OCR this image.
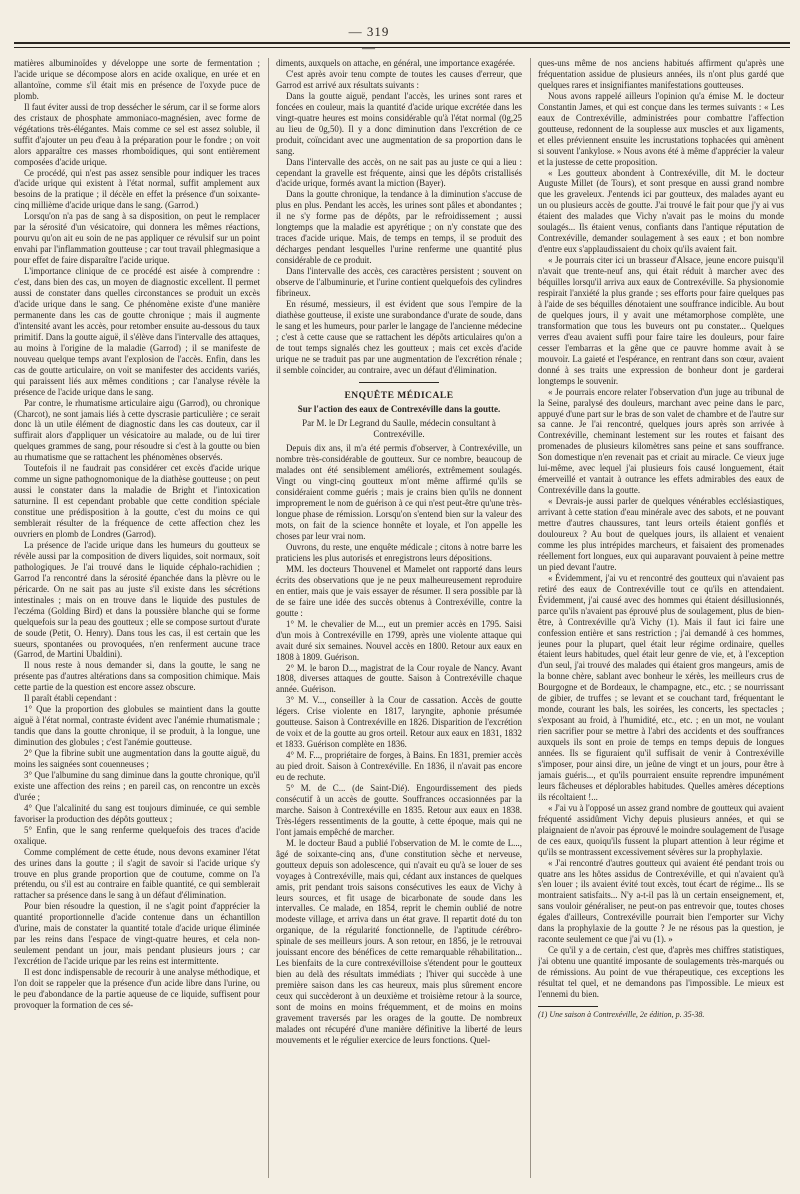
— 319 —

matières albuminoïdes y développe une sorte de fermentation ; l'acide urique se décompose alors en acide oxalique, en urée et en allantoïne, comme s'il était mis en présence de l'oxyde puce de plomb.

Il faut éviter aussi de trop dessécher le sérum, car il se forme alors des cristaux de phosphate ammoniaco-magnésien, avec forme de végétations très-élégantes. Mais comme ce sel est assez soluble, il suffit d'ajouter un peu d'eau à la préparation pour le fondre ; on voit alors apparaître ces masses rhomboïdiques, qui sont entièrement composées d'acide urique.

Ce procédé, qui n'est pas assez sensible pour indiquer les traces d'acide urique qui existent à l'état normal, suffit amplement aux besoins de la pratique ; il décèle en effet la présence d'un soixante-cinq millième d'acide urique dans le sang. (Garrod.)

Lorsqu'on n'a pas de sang à sa disposition, on peut le remplacer par la sérosité d'un vésicatoire, qui donnera les mêmes réactions, pourvu qu'on ait eu soin de ne pas appliquer ce révulsif sur un point envahi par l'inflammation goutteuse ; car tout travail phlegmasique a pour effet de faire disparaître l'acide urique.

L'importance clinique de ce procédé est aisée à comprendre : c'est, dans bien des cas, un moyen de diagnostic excellent. Il permet aussi de constater dans quelles circonstances se produit un excès d'acide urique dans le sang. Ce phénomène existe d'une manière permanente dans les cas de goutte chronique ; mais il augmente d'intensité avant les accès, pour retomber ensuite au-dessous du taux primitif. Dans la goutte aiguë, il s'élève dans l'intervalle des attaques, au moins à l'origine de la maladie (Garrod) ; il se manifeste de nouveau quelque temps avant l'explosion de l'accès. Enfin, dans les cas de goutte articulaire, on voit se manifester des accidents variés, qui paraissent liés aux mêmes conditions ; car l'analyse révèle la présence de l'acide urique dans le sang.

Par contre, le rhumatisme articulaire aigu (Garrod), ou chronique (Charcot), ne sont jamais liés à cette dyscrasie particulière ; ce serait donc là un utile élément de diagnostic dans les cas douteux, car il suffirait alors d'appliquer un vésicatoire au malade, ou de lui tirer quelques grammes de sang, pour résoudre si c'est à la goutte ou bien au rhumatisme que se rattachent les phénomènes observés.

Toutefois il ne faudrait pas considérer cet excès d'acide urique comme un signe pathognomonique de la diathèse goutteuse ; on peut aussi le constater dans la maladie de Bright et l'intoxication saturnine. Il est cependant probable que cette condition spéciale constitue une prédisposition à la goutte, c'est du moins ce qui semblerait résulter de la fréquence de cette affection chez les ouvriers en plomb de Londres (Garrod).

La présence de l'acide urique dans les humeurs du goutteux se révèle aussi par la composition de divers liquides, soit normaux, soit pathologiques. Je l'ai trouvé dans le liquide céphalo-rachidien ; Garrod l'a rencontré dans la sérosité épanchée dans la plèvre ou le péricarde. On ne sait pas au juste s'il existe dans les sécrétions intestinales ; mais on en trouve dans le liquide des pustules de l'eczéma (Golding Bird) et dans la poussière blanche qui se forme quelquefois sur la peau des goutteux ; elle se compose surtout d'urate de soude (Petit, O. Henry). Dans tous les cas, il est certain que les sueurs, spontanées ou provoquées, n'en renferment aucune trace (Garrod, de Martini Ubaldini).

Il nous reste à nous demander si, dans la goutte, le sang ne présente pas d'autres altérations dans sa composition chimique. Mais cette partie de la question est encore assez obscure.

Il paraît établi cependant :

1° Que la proportion des globules se maintient dans la goutte aiguë à l'état normal, contraste évident avec l'anémie rhumatismale ; tandis que dans la goutte chronique, il se produit, à la longue, une diminution des globules ; c'est l'anémie goutteuse.

2° Que la fibrine subit une augmentation dans la goutte aiguë, du moins les saignées sont couenneuses ;

3° Que l'albumine du sang diminue dans la goutte chronique, qu'il existe une affection des reins ; en pareil cas, on rencontre un excès d'urée ;

4° Que l'alcalinité du sang est toujours diminuée, ce qui semble favoriser la production des dépôts goutteux ;

5° Enfin, que le sang renferme quelquefois des traces d'acide oxalique.

Comme complément de cette étude, nous devons examiner l'état des urines dans la goutte ; il s'agit de savoir si l'acide urique s'y trouve en plus grande proportion que de coutume, comme on l'a prétendu, ou s'il est au contraire en faible quantité, ce qui semblerait rattacher sa présence dans le sang à un défaut d'élimination.

Pour bien résoudre la question, il ne s'agit point d'apprécier la quantité proportionnelle d'acide contenue dans un échantillon d'urine, mais de constater la quantité totale d'acide urique éliminée par les reins dans l'espace de vingt-quatre heures, et cela non-seulement pendant un jour, mais pendant plusieurs jours ; car l'excrétion de l'acide urique par les reins est intermittente.

Il est donc indispensable de recourir à une analyse méthodique, et l'on doit se rappeler que la présence d'un acide libre dans l'urine, ou le peu d'abondance de la partie aqueuse de ce liquide, suffisent pour provoquer la formation de ces sé-

diments, auxquels on attache, en général, une importance exagérée.

C'est après avoir tenu compte de toutes les causes d'erreur, que Garrod est arrivé aux résultats suivants :

Dans la goutte aiguë, pendant l'accès, les urines sont rares et foncées en couleur, mais la quantité d'acide urique excrétée dans les vingt-quatre heures est moins considérable qu'à l'état normal (0g,25 au lieu de 0g,50). Il y a donc diminution dans l'excrétion de ce produit, coïncidant avec une augmentation de sa proportion dans le sang.

Dans l'intervalle des accès, on ne sait pas au juste ce qui a lieu : cependant la gravelle est fréquente, ainsi que les dépôts cristallisés d'acide urique, formés avant la miction (Bayer).

Dans la goutte chronique, la tendance à la diminution s'accuse de plus en plus. Pendant les accès, les urines sont pâles et abondantes ; il ne s'y forme pas de dépôts, par le refroidissement ; aussi longtemps que la maladie est apyrétique ; on n'y constate que des traces d'acide urique. Mais, de temps en temps, il se produit des décharges pendant lesquelles l'urine renferme une quantité plus considérable de ce produit.

Dans l'intervalle des accès, ces caractères persistent ; souvent on observe de l'albuminurie, et l'urine contient quelquefois des cylindres fibrineux.

En résumé, messieurs, il est évident que sous l'empire de la diathèse goutteuse, il existe une surabondance d'urate de soude, dans le sang et les humeurs, pour parler le langage de l'ancienne médecine ; c'est à cette cause que se rattachent les dépôts articulaires qu'on a de tout temps signalés chez les goutteux ; mais cet excès d'acide urique ne se traduit pas par une augmentation de l'excrétion rénale ; il semble coïncider, au contraire, avec un défaut d'élimination.

ENQUÊTE MÉDICALE
Sur l'action des eaux de Contrexéville dans la goutte.
Par M. le Dr Legrand du Saulle, médecin consultant à Contrexéville.

Depuis dix ans, il m'a été permis d'observer, à Contrexéville, un nombre très-considérable de goutteux. Sur ce nombre, beaucoup de malades ont été sensiblement améliorés, extrêmement soulagés. Vingt ou vingt-cinq goutteux m'ont même affirmé qu'ils se considéraient comme guéris ; mais je crains bien qu'ils ne donnent improprement le nom de guérison à ce qui n'est peut-être qu'une très-longue phase de rémission. Lorsqu'on s'entend bien sur la valeur des mots, on fait de la science honnête et loyale, et l'on appelle les choses par leur vrai nom.

Ouvrons, du reste, une enquête médicale ; citons à notre barre les praticiens les plus autorisés et enregistrons leurs dépositions.

MM. les docteurs Thouvenel et Mamelet ont rapporté dans leurs écrits des observations que je ne peux malheureusement reproduire en entier, mais que je vais essayer de résumer. Il sera possible par là de se faire une idée des succès obtenus à Contrexéville, contre la goutte :

1° M. le chevalier de M..., eut un premier accès en 1795. Saisi d'un mois à Contrexéville en 1799, après une violente attaque qui avait duré six semaines. Nouvel accès en 1800. Retour aux eaux en 1808 à 1809. Guérison.

2° M. le baron D..., magistrat de la Cour royale de Nancy. Avant 1808, diverses attaques de goutte. Saison à Contrexéville chaque année. Guérison.

3° M. V..., conseiller à la Cour de cassation. Accès de goutte légers. Crise violente en 1817, laryngite, aphonie présumée goutteuse. Saison à Contrexéville en 1826. Disparition de l'excrétion de voix et de la goutte au gros orteil. Retour aux eaux en 1831, 1832 et 1833. Guérison complète en 1836.

4° M. F..., propriétaire de forges, à Bains. En 1831, premier accès au pied droit. Saison à Contrexéville. En 1836, il n'avait pas encore eu de rechute.

5° M. de C... (de Saint-Dié). Engourdissement des pieds consécutif à un accès de goutte. Souffrances occasionnées par la marche. Saison à Contrexéville en 1835. Retour aux eaux en 1838. Très-légers ressentiments de la goutte, à cette époque, mais qui ne l'ont jamais empêché de marcher.

M. le docteur Baud a publié l'observation de M. le comte de L..., âgé de soixante-cinq ans, d'une constitution sèche et nerveuse, goutteux depuis son adolescence, qui n'avait eu qu'à se louer de ses voyages à Contrexéville, mais qui, cédant aux instances de quelques amis, prit pendant trois saisons consécutives les eaux de Vichy à leurs sources, et fit usage de bicarbonate de soude dans les intervalles. Ce malade, en 1854, reprit le chemin oublié de notre modeste village, et arriva dans un état grave. Il repartit doté du ton organique, de la régularité fonctionnelle, de l'aptitude cérébro-spinale de ses meilleurs jours. A son retour, en 1856, je le retrouvai jouissant encore des bénéfices de cette remarquable réhabilitation... Les bienfaits de la cure contrexévilloise s'étendent pour le goutteux bien au delà des résultats immédiats ; l'hiver qui succède à une première saison dans les cas heureux, mais plus sûrement encore ceux qui succèderont à un deuxième et troisième retour à la source, sont de moins en moins fréquemment, et de moins en moins gravement traversés par les orages de la goutte. De nombreux malades ont récupéré d'une manière définitive la liberté de leurs mouvements et le régulier exercice de leurs fonctions. Quel-

ques-uns même de nos anciens habitués affirment qu'après une fréquentation assidue de plusieurs années, ils n'ont plus gardé que quelques rares et insignifiantes manifestations goutteuses.

Nous avons rappelé ailleurs l'opinion qu'a émise M. le docteur Constantin James, et qui est conçue dans les termes suivants : « Les eaux de Contrexéville, administrées pour combattre l'affection goutteuse, redonnent de la souplesse aux muscles et aux ligaments, et elles préviennent ensuite les incrustations tophacées qui amènent si souvent l'ankylose. » Nous avons été à même d'apprécier la valeur et la justesse de cette proposition.

« Les goutteux abondent à Contrexéville, dit M. le docteur Auguste Millet (de Tours), et sont presque en aussi grand nombre que les graveleux. J'entends ici par goutteux, des malades ayant eu un ou plusieurs accès de goutte. J'ai trouvé le fait pour que j'y ai vus étaient des malades que Vichy n'avait pas le moins du monde soulagés... Ils étaient venus, confiants dans l'antique réputation de Contrexéville, demander soulagement à ses eaux ; et bon nombre d'entre eux s'applaudissaient du choix qu'ils avaient fait.

« Je pourrais citer ici un brasseur d'Alsace, jeune encore puisqu'il n'avait que trente-neuf ans, qui était réduit à marcher avec des béquilles lorsqu'il arriva aux eaux de Contrexéville. Sa physionomie respirait l'anxiété la plus grande ; ses efforts pour faire quelques pas à l'aide de ses béquilles dénotaient une souffrance indicible. Au bout de quelques jours, il y avait une métamorphose complète, une transformation que tous les buveurs ont pu constater... Quelques verres d'eau avaient suffi pour faire taire les douleurs, pour faire cesser l'embarras et la gêne que ce pauvre homme avait à se mouvoir. La gaieté et l'espérance, en rentrant dans son cœur, avaient donné à ses traits une expression de bonheur dont je garderai longtemps le souvenir.

« Je pourrais encore relater l'observation d'un juge au tribunal de la Seine, paralysé des douleurs, marchant avec peine dans le parc, appuyé d'une part sur le bras de son valet de chambre et de l'autre sur sa canne. Je l'ai rencontré, quelques jours après son arrivée à Contrexéville, cheminant lestement sur les routes et faisant des promenades de plusieurs kilomètres sans peine et sans souffrance. Son domestique n'en revenait pas et criait au miracle. Ce vieux juge lui-même, avec lequel j'ai plusieurs fois causé longuement, était émerveillé et vantait à outrance les effets admirables des eaux de Contrexéville dans la goutte.

« Devrais-je aussi parler de quelques vénérables ecclésiastiques, arrivant à cette station d'eau minérale avec des sabots, et ne pouvant mettre d'autres chaussures, tant leurs orteils étaient gonflés et douloureux ? Au bout de quelques jours, ils allaient et venaient comme les plus intrépides marcheurs, et faisaient des promenades réellement fort longues, eux qui auparavant pouvaient à peine mettre un pied devant l'autre.

« Évidemment, j'ai vu et rencontré des goutteux qui n'avaient pas retiré des eaux de Contrexéville tout ce qu'ils en attendaient. Évidemment, j'ai causé avec des hommes qui étaient désillusionnés, parce qu'ils n'avaient pas éprouvé plus de soulagement, plus de bien-être, à Contrexéville qu'à Vichy (1). Mais il faut ici faire une confession entière et sans restriction ; j'ai demandé à ces hommes, jeunes pour la plupart, quel était leur régime ordinaire, quelles étaient leurs habitudes, quel était leur genre de vie, et, à l'exception d'un seul, j'ai trouvé des malades qui étaient gros mangeurs, amis de la bonne chère, sablant avec bonheur le xérès, les meilleurs crus de Bourgogne et de Bordeaux, le champagne, etc., etc. ; se nourrissant de gibier, de truffes ; se levant et se couchant tard, fréquentant le monde, courant les bals, les soirées, les concerts, les spectacles ; s'exposant au froid, à l'humidité, etc., etc. ; en un mot, ne voulant rien sacrifier pour se mettre à l'abri des accidents et des souffrances auxquels ils sont en proie de temps en temps depuis de longues années. Ils se figuraient qu'il suffisait de venir à Contrexéville s'imposer, pour ainsi dire, un jeûne de vingt et un jours, pour être à jamais guéris..., et qu'ils pourraient ensuite reprendre impunément leurs fâcheuses et déplorables habitudes. Quelles amères déceptions ils récoltaient !...

« J'ai vu à l'opposé un assez grand nombre de goutteux qui avaient fréquenté assidûment Vichy depuis plusieurs années, et qui se plaignaient de n'avoir pas éprouvé le moindre soulagement de l'usage de ces eaux, quoiqu'ils fussent la plupart attention à leur régime et qu'ils se montrassent excessivement sévères sur la prophylaxie.

« J'ai rencontré d'autres goutteux qui avaient été pendant trois ou quatre ans les hôtes assidus de Contrexéville, et qui n'avaient qu'à s'en louer ; ils avaient évité tout excès, tout écart de régime... Ils se montraient satisfaits... N'y a-t-il pas là un certain enseignement, et, sans vouloir généraliser, ne peut-on pas entrevoir que, toutes choses égales d'ailleurs, Contrexéville pourrait bien l'emporter sur Vichy dans la prophylaxie de la goutte ? Je ne résous pas la question, je raconte seulement ce que j'ai vu (1). »

Ce qu'il y a de certain, c'est que, d'après mes chiffres statistiques, j'ai obtenu une quantité imposante de soulagements très-marqués ou de rémissions. Au point de vue thérapeutique, ces exceptions les résultat tel quel, et ne demandons pas l'impossible. Le mieux est l'ennemi du bien.

(1) Une saison à Contrexéville, 2e édition, p. 35-38.
